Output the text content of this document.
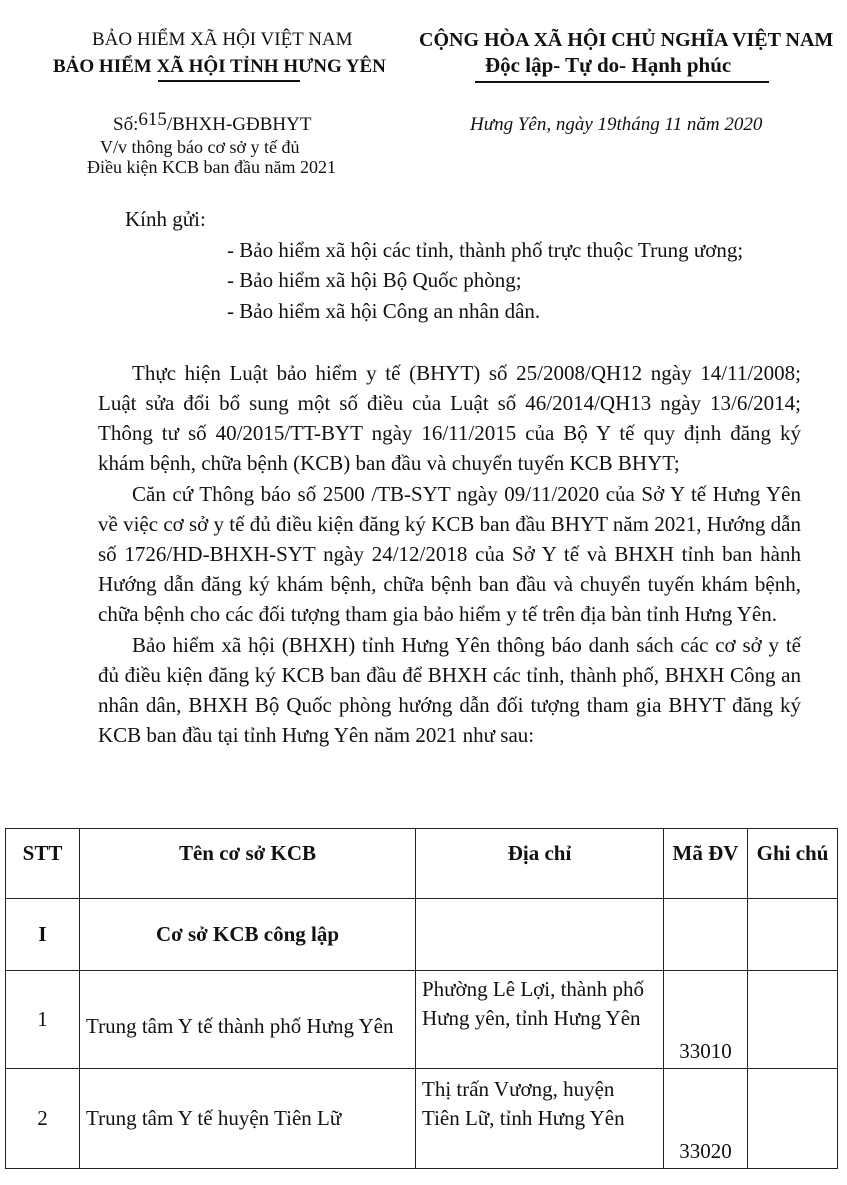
BẢO HIỂM XÃ HỘI VIỆT NAM
BẢO HIỂM XÃ HỘI TỈNH HƯNG YÊN
Số:615/BHXH-GĐBHYT
V/v thông báo cơ sở y tế đủ
Điều kiện KCB ban đầu năm 2021
CỘNG HÒA XÃ HỘI CHỦ NGHĨA VIỆT NAM
Độc lập- Tự do- Hạnh phúc
Hưng Yên, ngày 19tháng 11 năm 2020
Kính gửi:
- Bảo hiểm xã hội các tỉnh, thành phố trực thuộc Trung ương;
- Bảo hiểm xã hội Bộ Quốc phòng;
- Bảo hiểm xã hội Công an nhân dân.

Thực hiện Luật bảo hiểm y tế (BHYT) số 25/2008/QH12 ngày 14/11/2008; Luật sửa đổi bổ sung một số điều của Luật số 46/2014/QH13 ngày 13/6/2014; Thông tư số 40/2015/TT-BYT ngày 16/11/2015 của Bộ Y tế quy định đăng ký khám bệnh, chữa bệnh (KCB) ban đầu và chuyển tuyến KCB BHYT;

Căn cứ Thông báo số 2500 /TB-SYT ngày 09/11/2020 của Sở Y tế Hưng Yên về việc cơ sở y tế đủ điều kiện đăng ký KCB ban đầu BHYT năm 2021, Hướng dẫn số 1726/HD-BHXH-SYT ngày 24/12/2018 của Sở Y tế và BHXH tỉnh ban hành Hướng dẫn đăng ký khám bệnh, chữa bệnh ban đầu và chuyển tuyến khám bệnh, chữa bệnh cho các đối tượng tham gia bảo hiểm y tế trên địa bàn tỉnh Hưng Yên.

Bảo hiểm xã hội (BHXH) tỉnh Hưng Yên thông báo danh sách các cơ sở y tế đủ điều kiện đăng ký KCB ban đầu để BHXH các tỉnh, thành phố, BHXH Công an nhân dân, BHXH Bộ Quốc phòng hướng dẫn đối tượng tham gia BHYT đăng ký KCB ban đầu tại tỉnh Hưng Yên năm 2021 như sau:

STT	Tên cơ sở KCB	Địa chỉ	Mã ĐV	Ghi chú
I	Cơ sở KCB công lập			
1	Trung tâm Y tế thành phố Hưng Yên	Phường Lê Lợi, thành phố Hưng yên, tỉnh Hưng Yên	33010	
2	Trung tâm Y tế huyện Tiên Lữ	Thị trấn Vương, huyện Tiên Lữ, tỉnh Hưng Yên	33020	
